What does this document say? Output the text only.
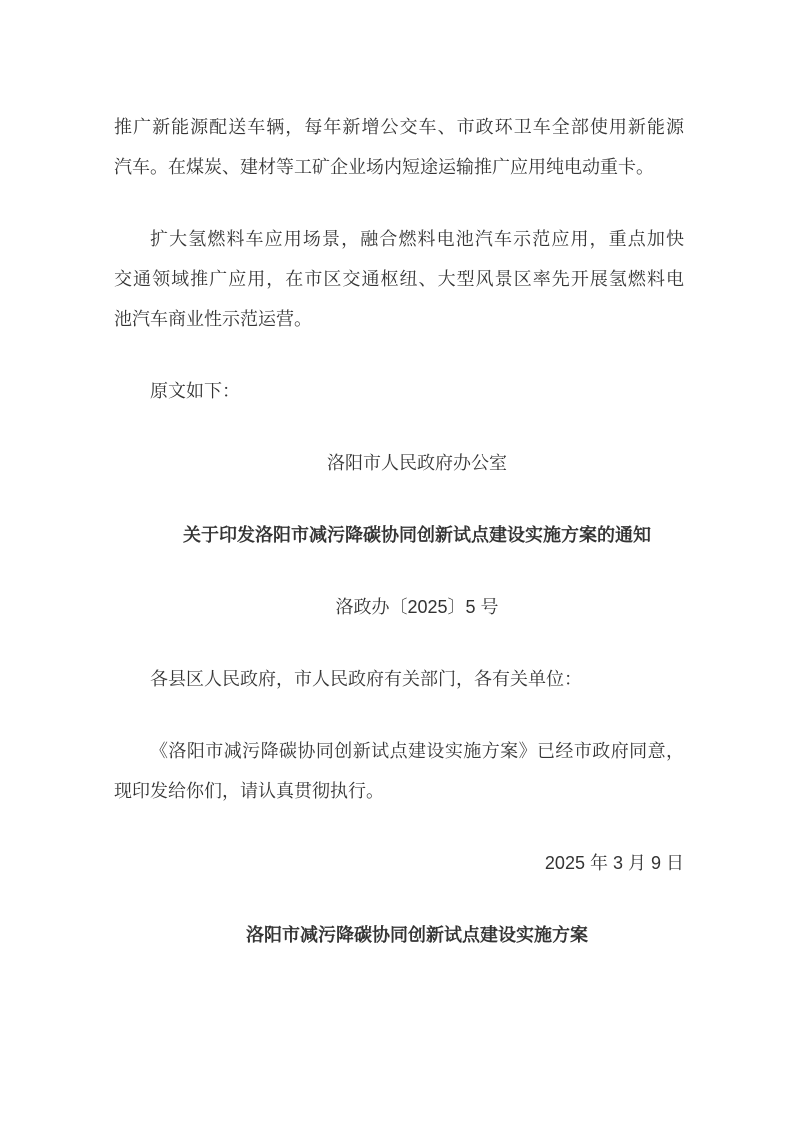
推广新能源配送车辆，每年新增公交车、市政环卫车全部使用新能源
汽车。在煤炭、建材等工矿企业场内短途运输推广应用纯电动重卡。
扩大氢燃料车应用场景，融合燃料电池汽车示范应用，重点加快
交通领域推广应用，在市区交通枢纽、大型风景区率先开展氢燃料电
池汽车商业性示范运营。
原文如下：
洛阳市人民政府办公室
关于印发洛阳市减污降碳协同创新试点建设实施方案的通知
洛政办〔2025〕5 号
各县区人民政府，市人民政府有关部门，各有关单位：
《洛阳市减污降碳协同创新试点建设实施方案》已经市政府同意，
现印发给你们，请认真贯彻执行。
2025 年 3 月 9 日
洛阳市减污降碳协同创新试点建设实施方案
